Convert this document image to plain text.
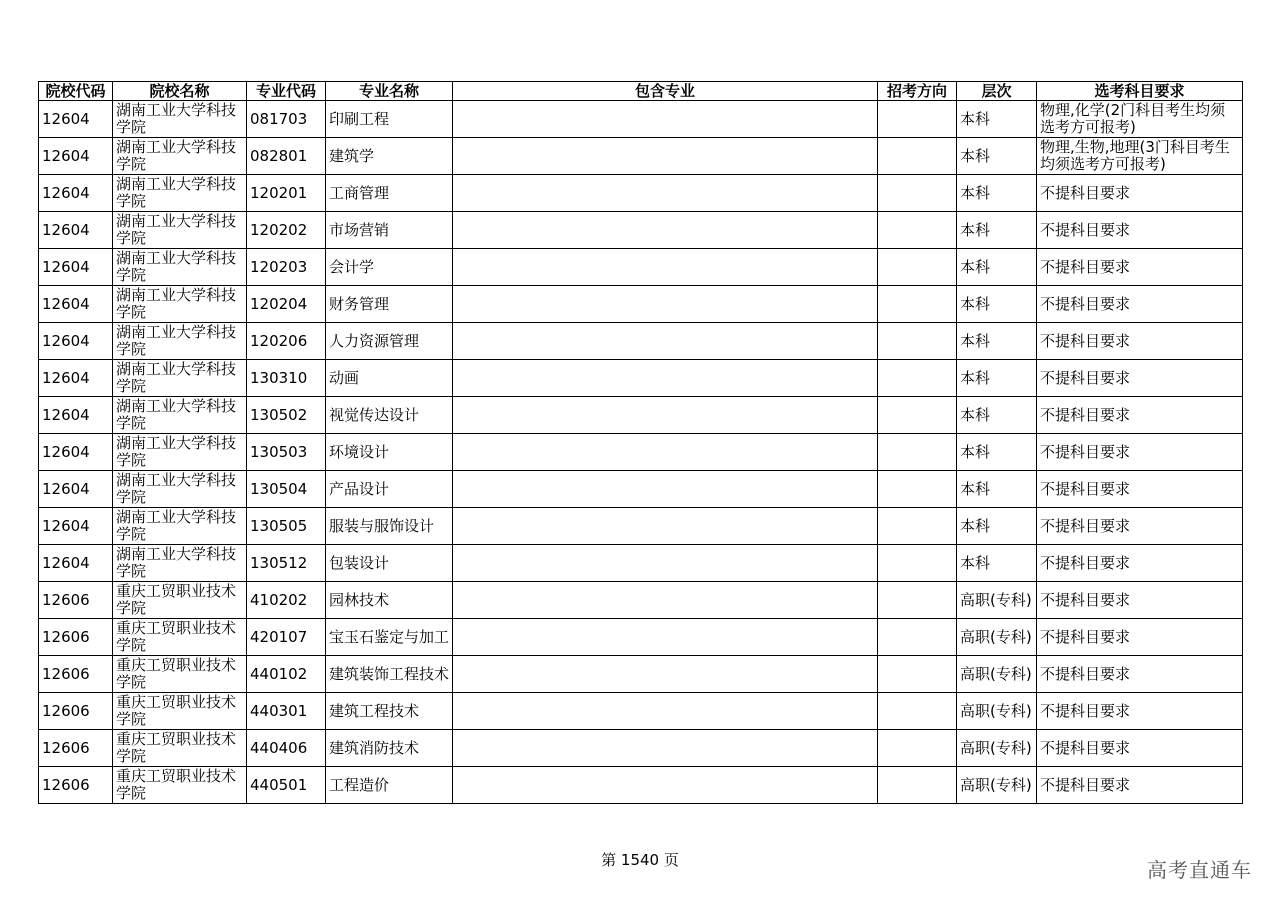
院校代码	院校名称	专业代码	专业名称	包含专业	招考方向	层次	选考科目要求
12604	湖南工业大学科技学院	081703	印刷工程			本科	物理,化学(2门科目考生均须选考方可报考)
12604	湖南工业大学科技学院	082801	建筑学			本科	物理,生物,地理(3门科目考生均须选考方可报考)
12604	湖南工业大学科技学院	120201	工商管理			本科	不提科目要求
12604	湖南工业大学科技学院	120202	市场营销			本科	不提科目要求
12604	湖南工业大学科技学院	120203	会计学			本科	不提科目要求
12604	湖南工业大学科技学院	120204	财务管理			本科	不提科目要求
12604	湖南工业大学科技学院	120206	人力资源管理			本科	不提科目要求
12604	湖南工业大学科技学院	130310	动画			本科	不提科目要求
12604	湖南工业大学科技学院	130502	视觉传达设计			本科	不提科目要求
12604	湖南工业大学科技学院	130503	环境设计			本科	不提科目要求
12604	湖南工业大学科技学院	130504	产品设计			本科	不提科目要求
12604	湖南工业大学科技学院	130505	服装与服饰设计			本科	不提科目要求
12604	湖南工业大学科技学院	130512	包装设计			本科	不提科目要求
12606	重庆工贸职业技术学院	410202	园林技术			高职(专科)	不提科目要求
12606	重庆工贸职业技术学院	420107	宝玉石鉴定与加工			高职(专科)	不提科目要求
12606	重庆工贸职业技术学院	440102	建筑装饰工程技术			高职(专科)	不提科目要求
12606	重庆工贸职业技术学院	440301	建筑工程技术			高职(专科)	不提科目要求
12606	重庆工贸职业技术学院	440406	建筑消防技术			高职(专科)	不提科目要求
12606	重庆工贸职业技术学院	440501	工程造价			高职(专科)	不提科目要求
第 1540 页	高考直通车
